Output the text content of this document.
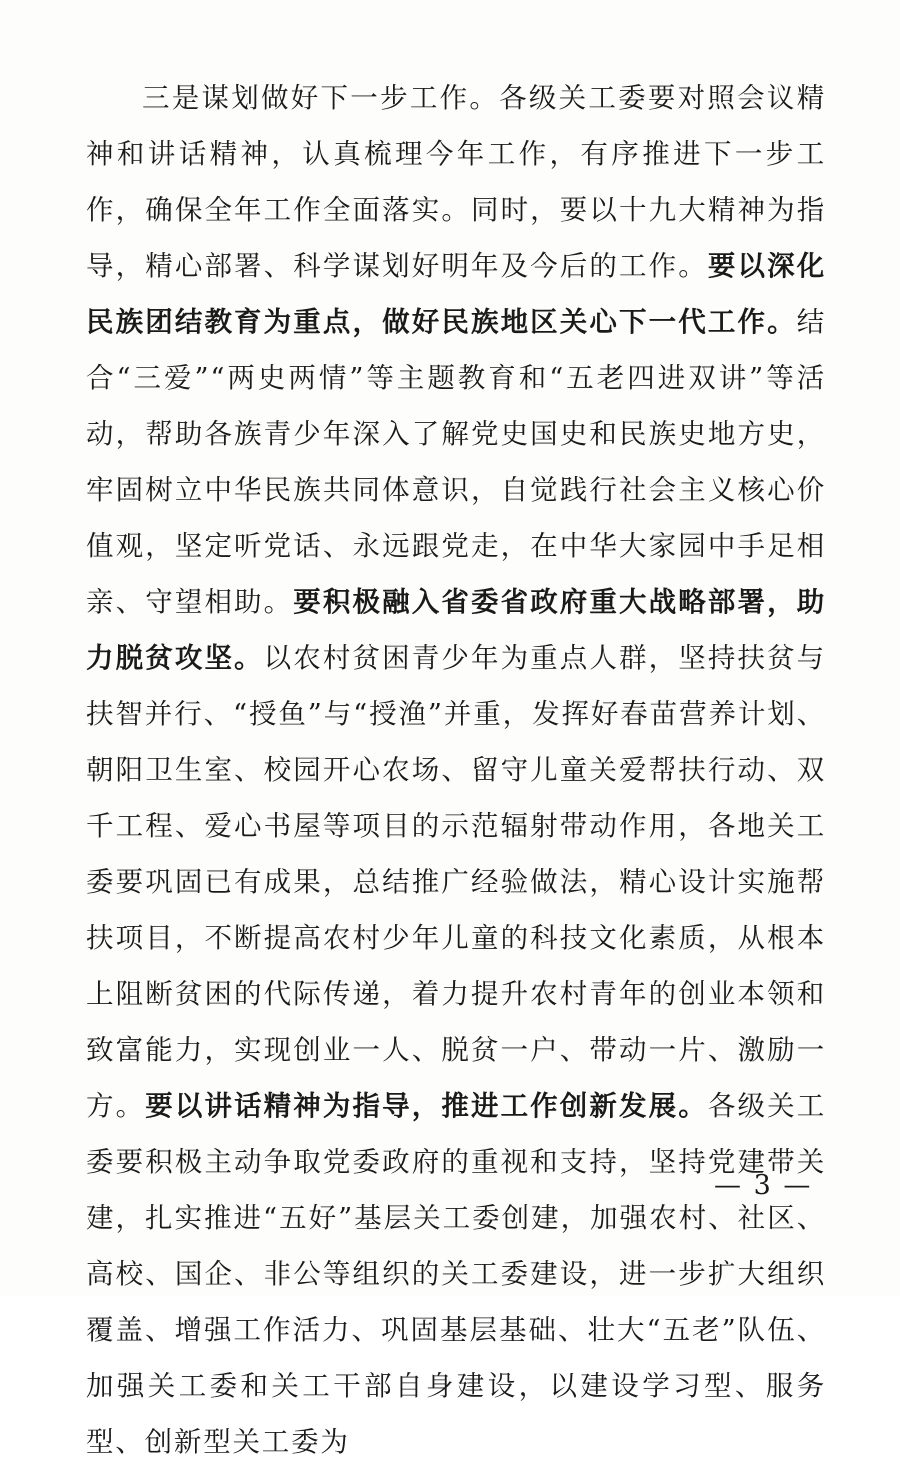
三是谋划做好下一步工作。各级关工委要对照会议精神和讲话精神，认真梳理今年工作，有序推进下一步工作，确保全年工作全面落实。同时，要以十九大精神为指导，精心部署、科学谋划好明年及今后的工作。要以深化民族团结教育为重点，做好民族地区关心下一代工作。结合“三爱”“两史两情”等主题教育和“五老四进双讲”等活动，帮助各族青少年深入了解党史国史和民族史地方史，牢固树立中华民族共同体意识，自觉践行社会主义核心价值观，坚定听党话、永远跟党走，在中华大家园中手足相亲、守望相助。要积极融入省委省政府重大战略部署，助力脱贫攻坚。以农村贫困青少年为重点人群，坚持扶贫与扶智并行、“授鱼”与“授渔”并重，发挥好春苗营养计划、朝阳卫生室、校园开心农场、留守儿童关爱帮扶行动、双千工程、爱心书屋等项目的示范辐射带动作用，各地关工委要巩固已有成果，总结推广经验做法，精心设计实施帮扶项目，不断提高农村少年儿童的科技文化素质，从根本上阻断贫困的代际传递，着力提升农村青年的创业本领和致富能力，实现创业一人、脱贫一户、带动一片、激励一方。要以讲话精神为指导，推进工作创新发展。各级关工委要积极主动争取党委政府的重视和支持，坚持党建带关建，扎实推进“五好”基层关工委创建，加强农村、社区、高校、国企、非公等组织的关工委建设，进一步扩大组织覆盖、增强工作活力、巩固基层基础、壮大“五老”队伍、加强关工委和关工干部自身建设，以建设学习型、服务型、创新型关工委为

— 3 —
